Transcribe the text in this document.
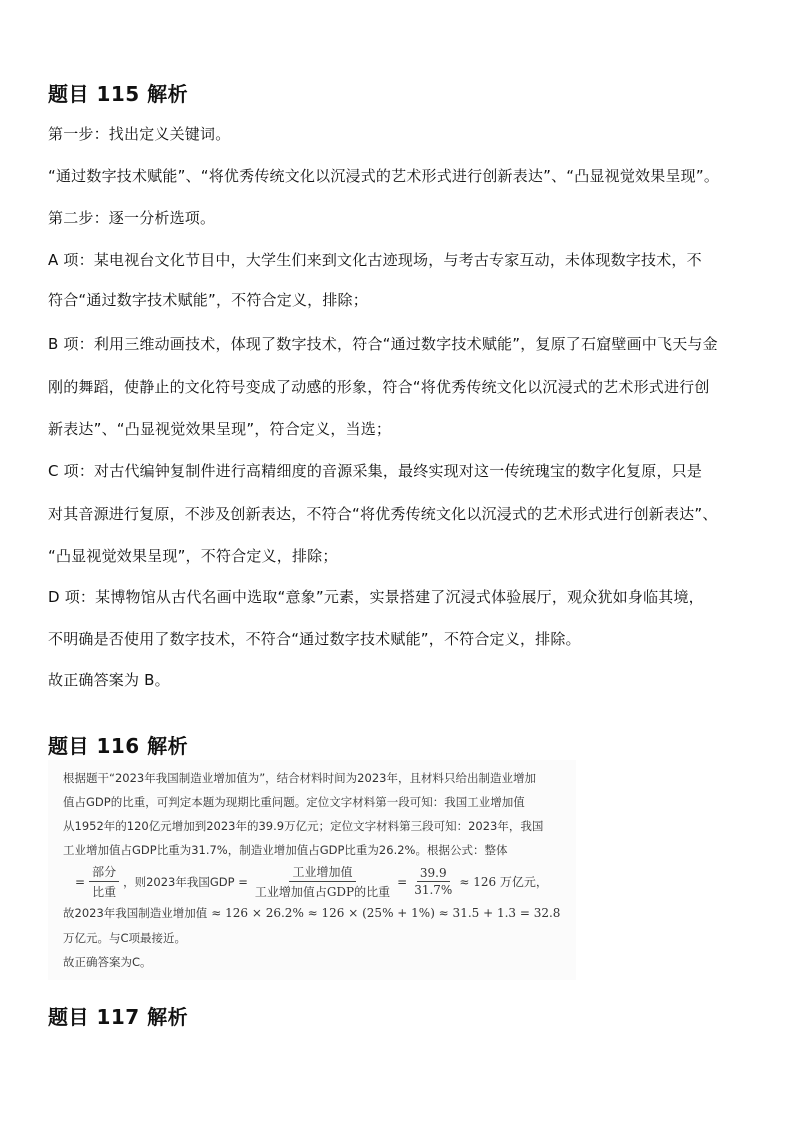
题目 115 解析
第一步：找出定义关键词。
“通过数字技术赋能”、“将优秀传统文化以沉浸式的艺术形式进行创新表达”、“凸显视觉效果呈现”。
第二步：逐一分析选项。
A 项：某电视台文化节目中，大学生们来到文化古迹现场，与考古专家互动，未体现数字技术，不
符合“通过数字技术赋能”，不符合定义，排除；
B 项：利用三维动画技术，体现了数字技术，符合“通过数字技术赋能”，复原了石窟壁画中飞天与金
刚的舞蹈，使静止的文化符号变成了动感的形象，符合“将优秀传统文化以沉浸式的艺术形式进行创
新表达”、“凸显视觉效果呈现”，符合定义，当选；
C 项：对古代编钟复制件进行高精细度的音源采集，最终实现对这一传统瑰宝的数字化复原，只是
对其音源进行复原，不涉及创新表达，不符合“将优秀传统文化以沉浸式的艺术形式进行创新表达”、
“凸显视觉效果呈现”，不符合定义，排除；
D 项：某博物馆从古代名画中选取“意象”元素，实景搭建了沉浸式体验展厅，观众犹如身临其境，
不明确是否使用了数字技术，不符合“通过数字技术赋能”，不符合定义，排除。
故正确答案为 B。
题目 116 解析
根据题干“2023年我国制造业增加值为”，结合材料时间为2023年，且材料只给出制造业增加
值占GDP的比重，可判定本题为现期比重问题。定位文字材料第一段可知：我国工业增加值
从1952年的120亿元增加到2023年的39.9万亿元；定位文字材料第三段可知：2023年，我国
工业增加值占GDP比重为31.7%，制造业增加值占GDP比重为26.2%。根据公式：整体
= $\frac{\text{部分}}{\text{比重}}$ ，则2023年我国GDP = $\frac{\text{工业增加值}}{\text{工业增加值占GDP的比重}} = \frac{39.9}{31.7\%} \approx 126$ 万亿元，
故2023年我国制造业增加值 ≈ 126 × 26.2% ≈ 126 × (25% + 1%) ≈ 31.5 + 1.3 = 32.8
万亿元。与C项最接近。
故正确答案为C。
题目 117 解析
